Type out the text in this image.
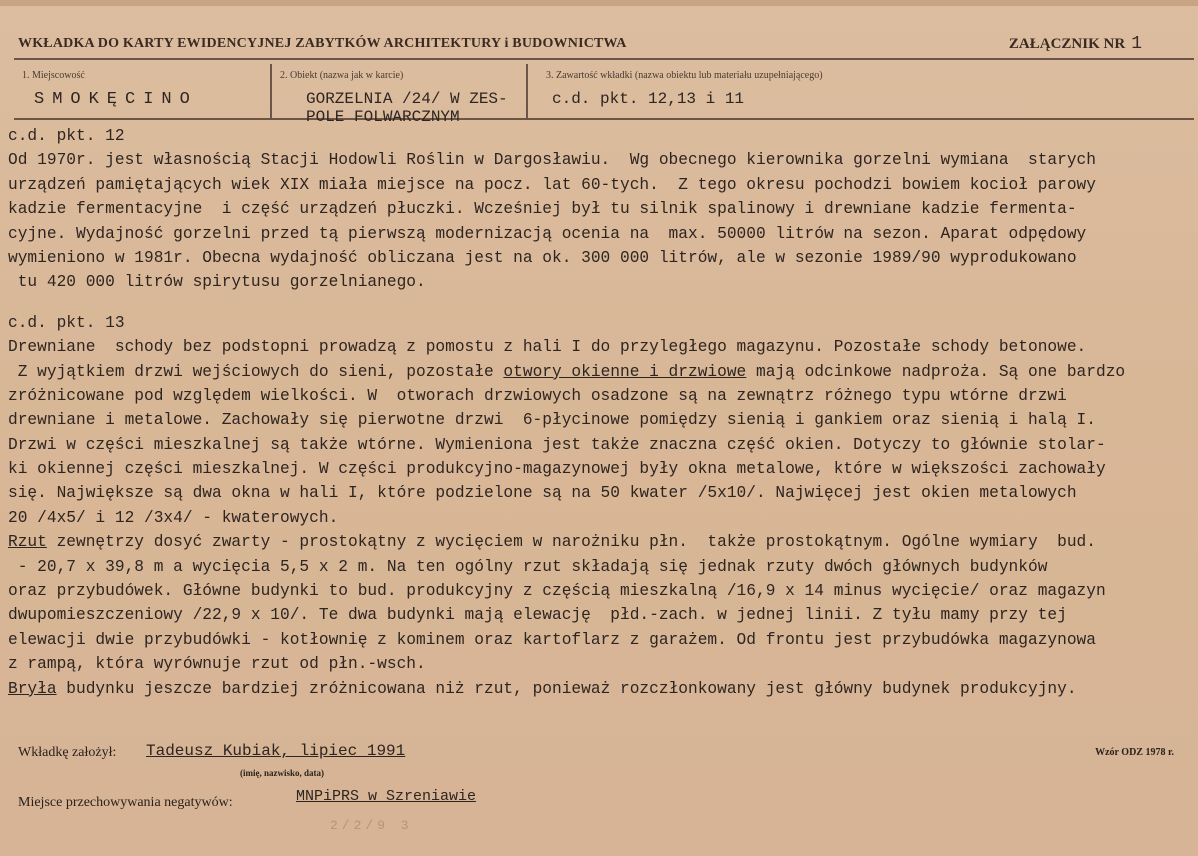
WKŁADKA DO KARTY EWIDENCYJNEJ ZABYTKÓW ARCHITEKTURY i BUDOWNICTWA	ZAŁĄCZNIK NR 1
1. Miejscowość
SMOKĘCINO
2. Obiekt (nazwa jak w karcie)
GORZELNIA /24/ W ZES-
POLE FOLWARCZNYM
3. Zawartość wkładki (nazwa obiektu lub materiału uzupełniającego)
c.d. pkt. 12,13 i 11
c.d. pkt. 12
Od 1970r. jest własnością Stacji Hodowli Roślin w Dargosławiu.  Wg obecnego kierownika gorzelni wymiana  starych
urządzeń pamiętających wiek XIX miała miejsce na pocz. lat 60-tych.  Z tego okresu pochodzi bowiem kocioł parowy
kadzie fermentacyjne  i część urządzeń płuczki. Wcześniej był tu silnik spalinowy i drewniane kadzie fermenta-
cyjne. Wydajność gorzelni przed tą pierwszą modernizacją ocenia na  max. 50000 litrów na sezon. Aparat odpędowy
wymieniono w 1981r. Obecna wydajność obliczana jest na ok. 300 000 litrów, ale w sezonie 1989/90 wyprodukowano
tu 420 000 litrów spirytusu gorzelnianego.
c.d. pkt. 13
Drewniane  schody bez podstopni prowadzą z pomostu z hali I do przyległego magazynu. Pozostałe schody betonowe.
Z wyjątkiem drzwi wejściowych do sieni, pozostałe otwory okienne i drzwiowe mają odcinkowe nadproża. Są one bardzo
zróżnicowane pod względem wielkości. W  otworach drzwiowych osadzone są na zewnątrz różnego typu wtórne drzwi
drewniane i metalowe. Zachowały się pierwotne drzwi  6-płycinowe pomiędzy sienią i gankiem oraz sienią i halą I.
Drzwi w części mieszkalnej są także wtórne. Wymieniona jest także znaczna część okien. Dotyczy to głównie stolar-
ki okiennej części mieszkalnej. W części produkcyjno-magazynowej były okna metalowe, które w większości zachowały
się. Największe są dwa okna w hali I, które podzielone są na 50 kwater /5x10/. Najwięcej jest okien metalowych
20 /4x5/ i 12 /3x4/ - kwaterowych.
Rzut zewnętrzy dosyć zwarty - prostokątny z wycięciem w narożniku płn.  także prostokątnym. Ogólne wymiary  bud.
- 20,7 x 39,8 m a wycięcia 5,5 x 2 m. Na ten ogólny rzut składają się jednak rzuty dwóch głównych budynków
oraz przybudówek. Główne budynki to bud. produkcyjny z częścią mieszkalną /16,9 x 14 minus wycięcie/ oraz magazyn
dwupomieszczeniowy /22,9 x 10/. Te dwa budynki mają elewację  płd.-zach. w jednej linii. Z tyłu mamy przy tej
elewacji dwie przybudówki - kotłownię z kominem oraz kartoflarz z garażem. Od frontu jest przybudówka magazynowa
z rampą, która wyrównuje rzut od płn.-wsch.
Bryła budynku jeszcze bardziej zróżnicowana niż rzut, ponieważ rozczłonkowany jest główny budynek produkcyjny.
Wkładkę założył: Tadeusz Kubiak, lipiec 1991
(imię, nazwisko, data)
Wzór ODZ 1978 r.
Miejsce przechowywania negatywów:	MNPiPRS w Szreniawie
2/2/9 3
